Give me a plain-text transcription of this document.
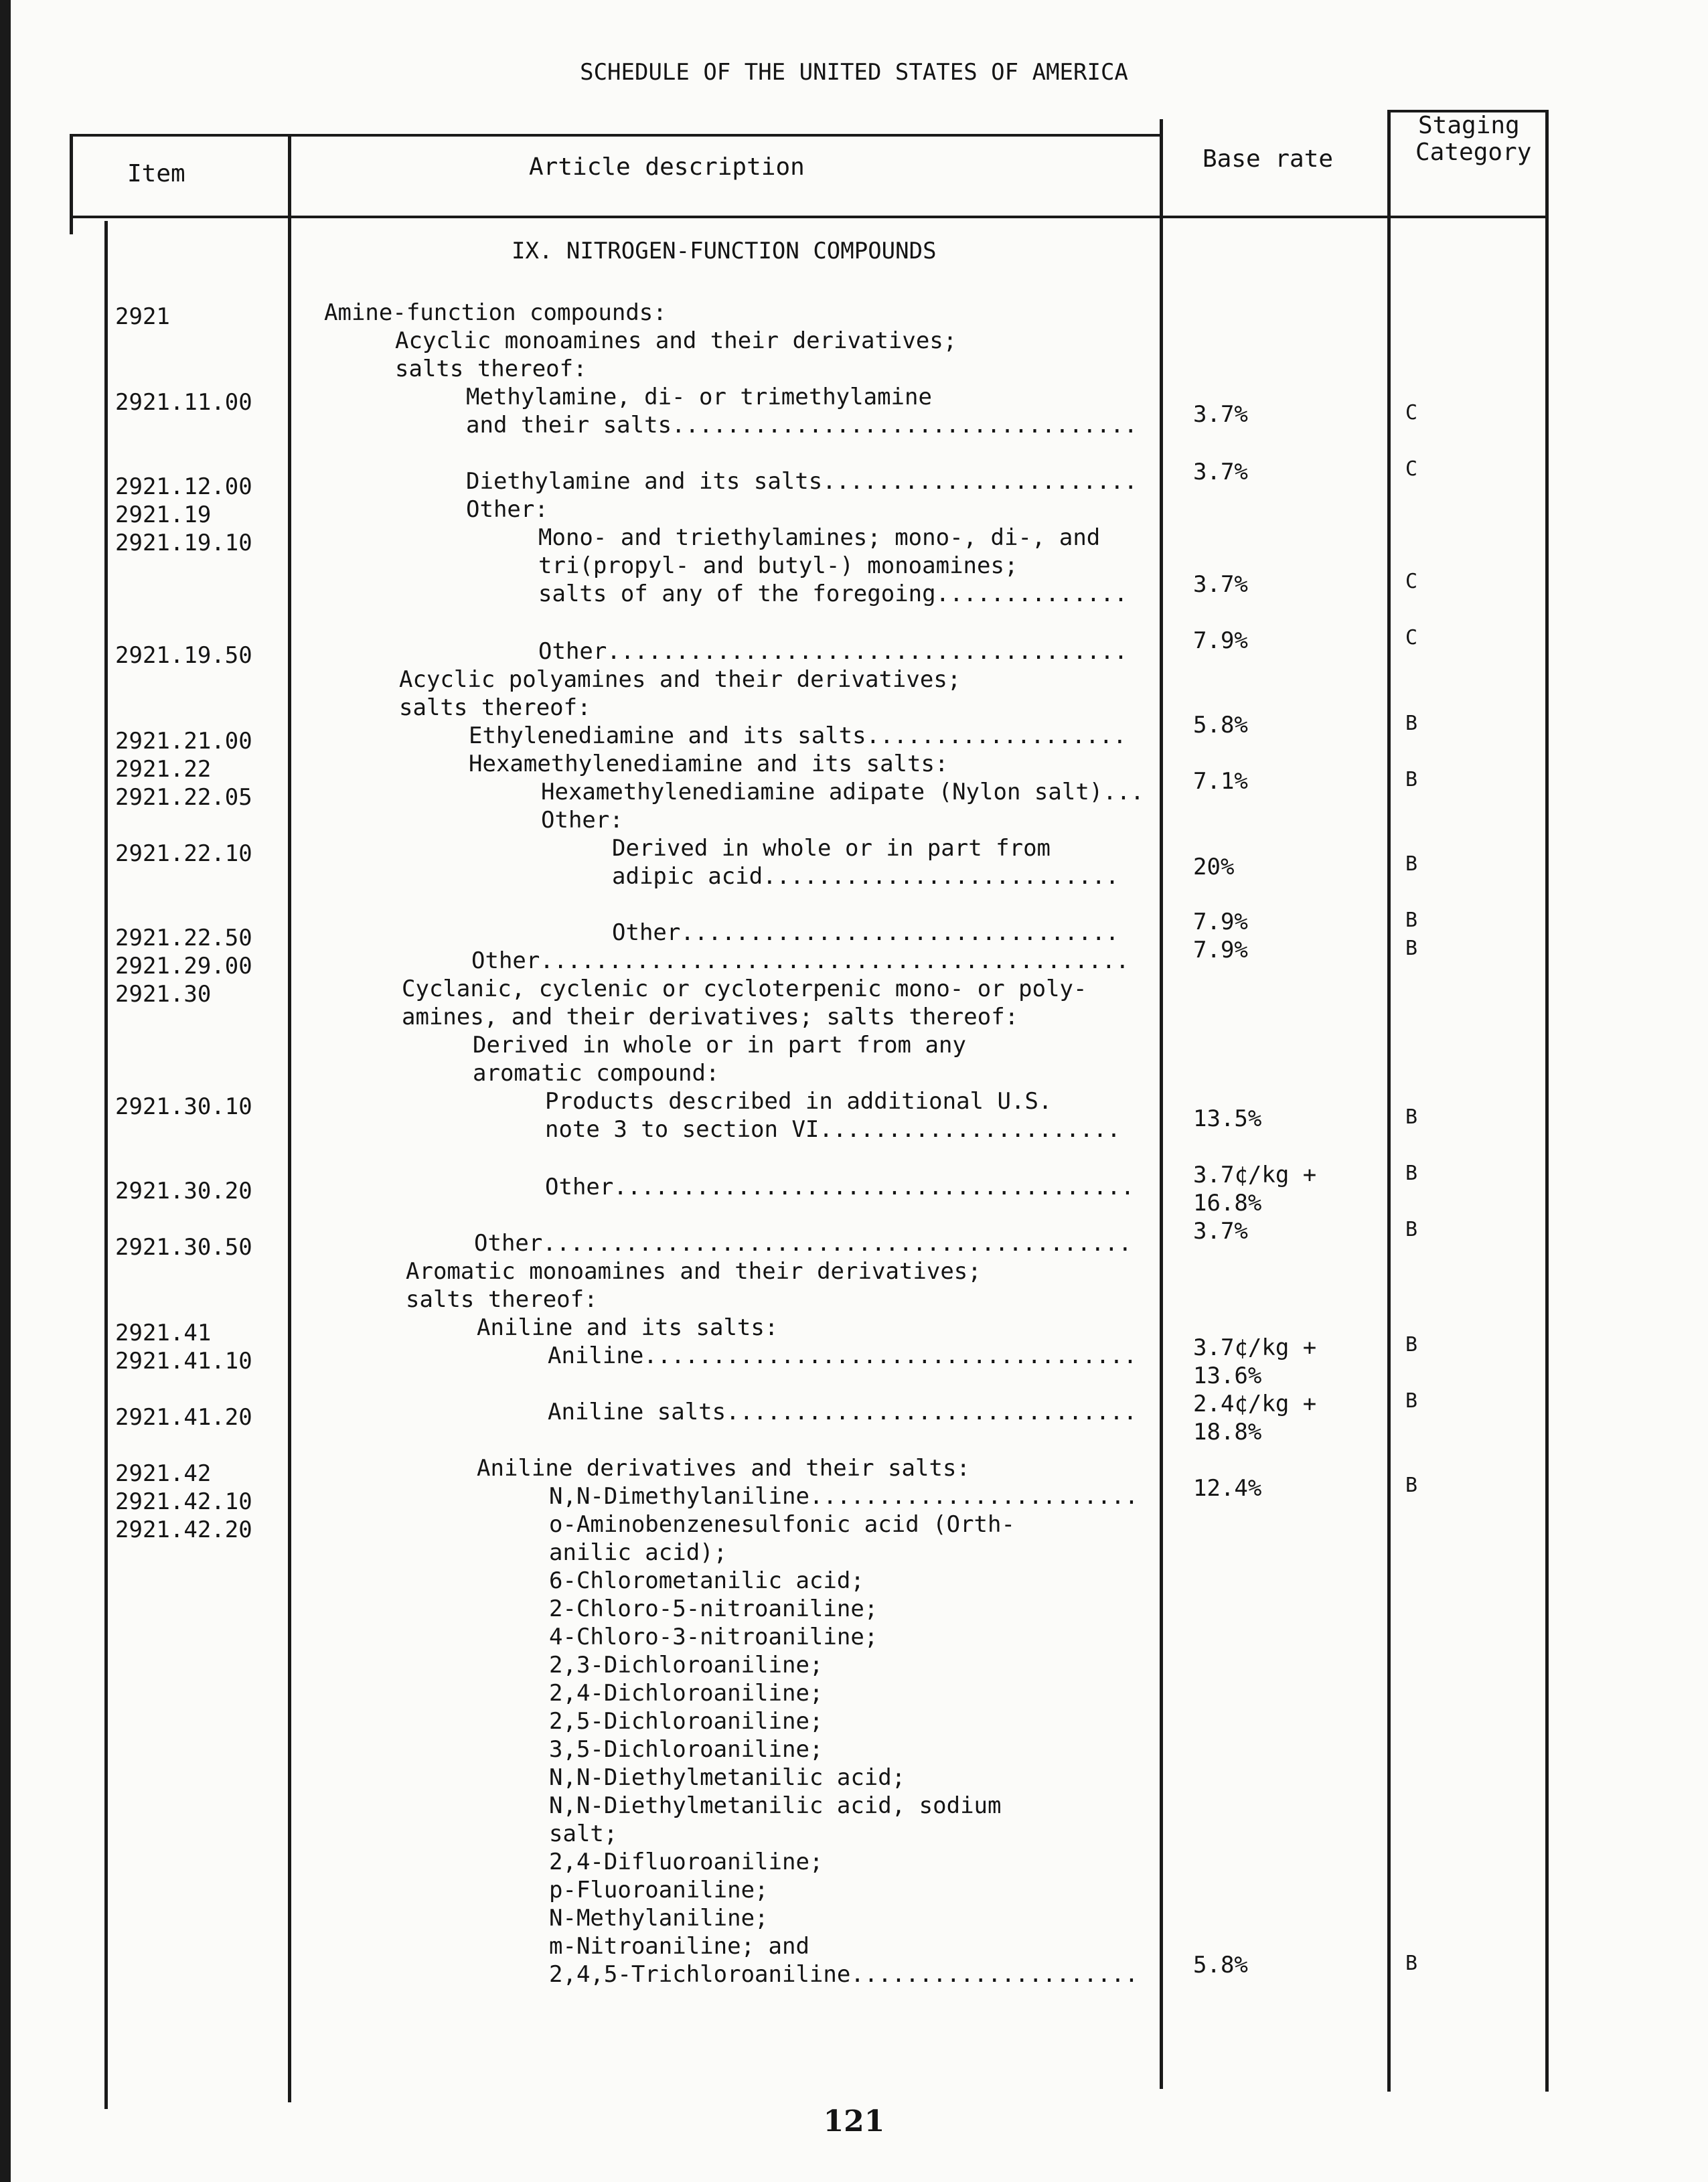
SCHEDULE OF THE UNITED STATES OF AMERICA
Item	Article description	Base rate
Staging
Category
IX. NITROGEN-FUNCTION COMPOUNDS
2921
2921.11.00
2921.12.00
2921.19
2921.19.10
2921.19.50
2921.21.00
2921.22
2921.22.05
2921.22.10
2921.22.50
2921.29.00
2921.30
2921.30.10
2921.30.20
2921.30.50
2921.41
2921.41.10
2921.41.20
2921.42
2921.42.10
2921.42.20
Amine-function compounds:
Acyclic monoamines and their derivatives;
salts thereof:
Methylamine, di- or trimethylamine
and their salts..................................
Diethylamine and its salts.......................
Other:
Mono- and triethylamines; mono-, di-, and
tri(propyl- and butyl-) monoamines;
salts of any of the foregoing..............
Other......................................
Acyclic polyamines and their derivatives;
salts thereof:
Ethylenediamine and its salts...................
Hexamethylenediamine and its salts:
Hexamethylenediamine adipate (Nylon salt)...
Other:
Derived in whole or in part from
adipic acid..........................
Other................................
Other...........................................
Cyclanic, cyclenic or cycloterpenic mono- or poly-
amines, and their derivatives; salts thereof:
Derived in whole or in part from any
aromatic compound:
Products described in additional U.S.
note 3 to section VI......................
Other......................................
Other...........................................
Aromatic monoamines and their derivatives;
salts thereof:
Aniline and its salts:
Aniline....................................
Aniline salts..............................
Aniline derivatives and their salts:
N,N-Dimethylaniline........................
o-Aminobenzenesulfonic acid (Orth-
anilic acid);
6-Chlorometanilic acid;
2-Chloro-5-nitroaniline;
4-Chloro-3-nitroaniline;
2,3-Dichloroaniline;
2,4-Dichloroaniline;
2,5-Dichloroaniline;
3,5-Dichloroaniline;
N,N-Diethylmetanilic acid;
N,N-Diethylmetanilic acid, sodium
salt;
2,4-Difluoroaniline;
p-Fluoroaniline;
N-Methylaniline;
m-Nitroaniline; and
2,4,5-Trichloroaniline.....................
3.7%
3.7%
3.7%
7.9%
5.8%
7.1%
20%
7.9%
7.9%
13.5%
3.7¢/kg +
16.8%
3.7%
3.7¢/kg +
13.6%
2.4¢/kg +
18.8%
12.4%
5.8%
C
C
C
C
B
B
B
B
B
B
B
B
B
B
B
B
121
